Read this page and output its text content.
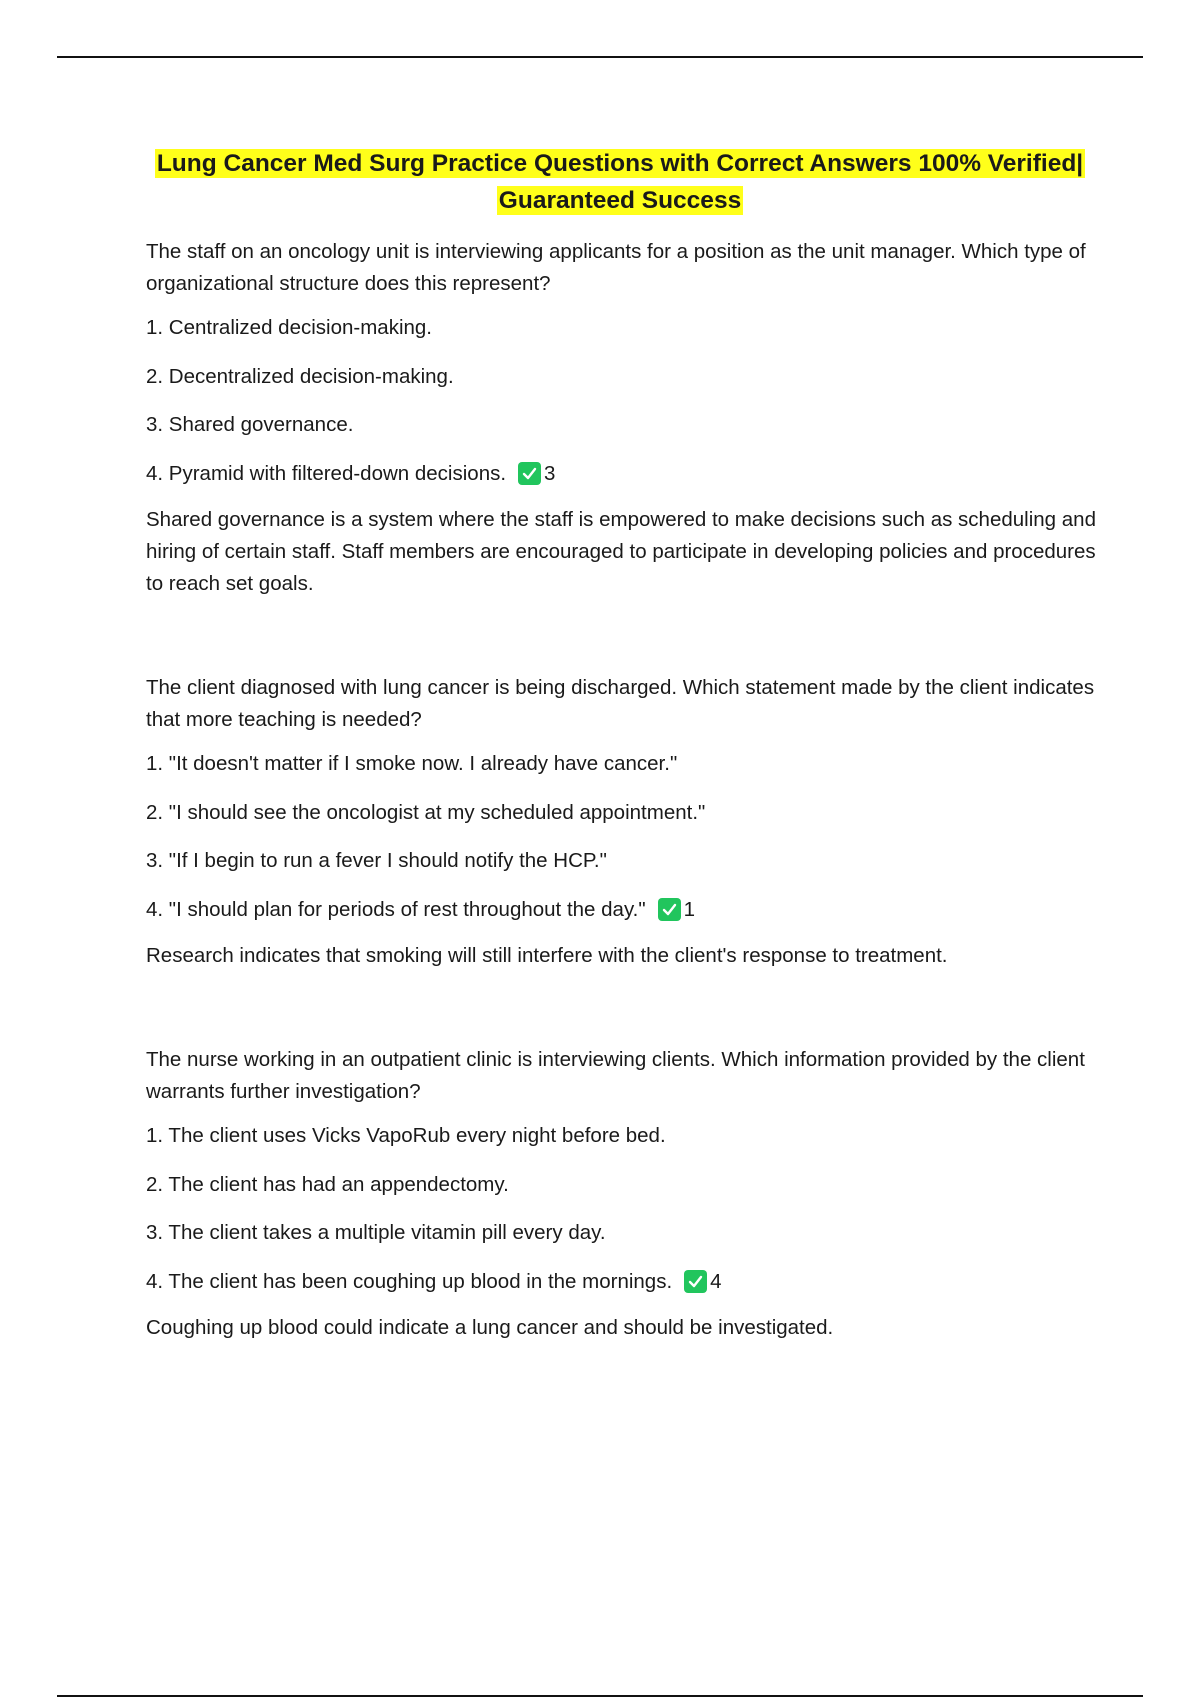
Lung Cancer Med Surg Practice Questions with Correct Answers 100% Verified|
Guaranteed Success

The staff on an oncology unit is interviewing applicants for a position as the unit manager. Which type of organizational structure does this represent?

1. Centralized decision-making.
2. Decentralized decision-making.
3. Shared governance.
4. Pyramid with filtered-down decisions. 3

Shared governance is a system where the staff is empowered to make decisions such as scheduling and hiring of certain staff. Staff members are encouraged to participate in developing policies and procedures to reach set goals.

The client diagnosed with lung cancer is being discharged. Which statement made by the client indicates that more teaching is needed?

1. "It doesn't matter if I smoke now. I already have cancer."
2. "I should see the oncologist at my scheduled appointment."
3. "If I begin to run a fever I should notify the HCP."
4. "I should plan for periods of rest throughout the day." 1

Research indicates that smoking will still interfere with the client's response to treatment.

The nurse working in an outpatient clinic is interviewing clients. Which information provided by the client warrants further investigation?

1. The client uses Vicks VapoRub every night before bed.
2. The client has had an appendectomy.
3. The client takes a multiple vitamin pill every day.
4. The client has been coughing up blood in the mornings. 4

Coughing up blood could indicate a lung cancer and should be investigated.
